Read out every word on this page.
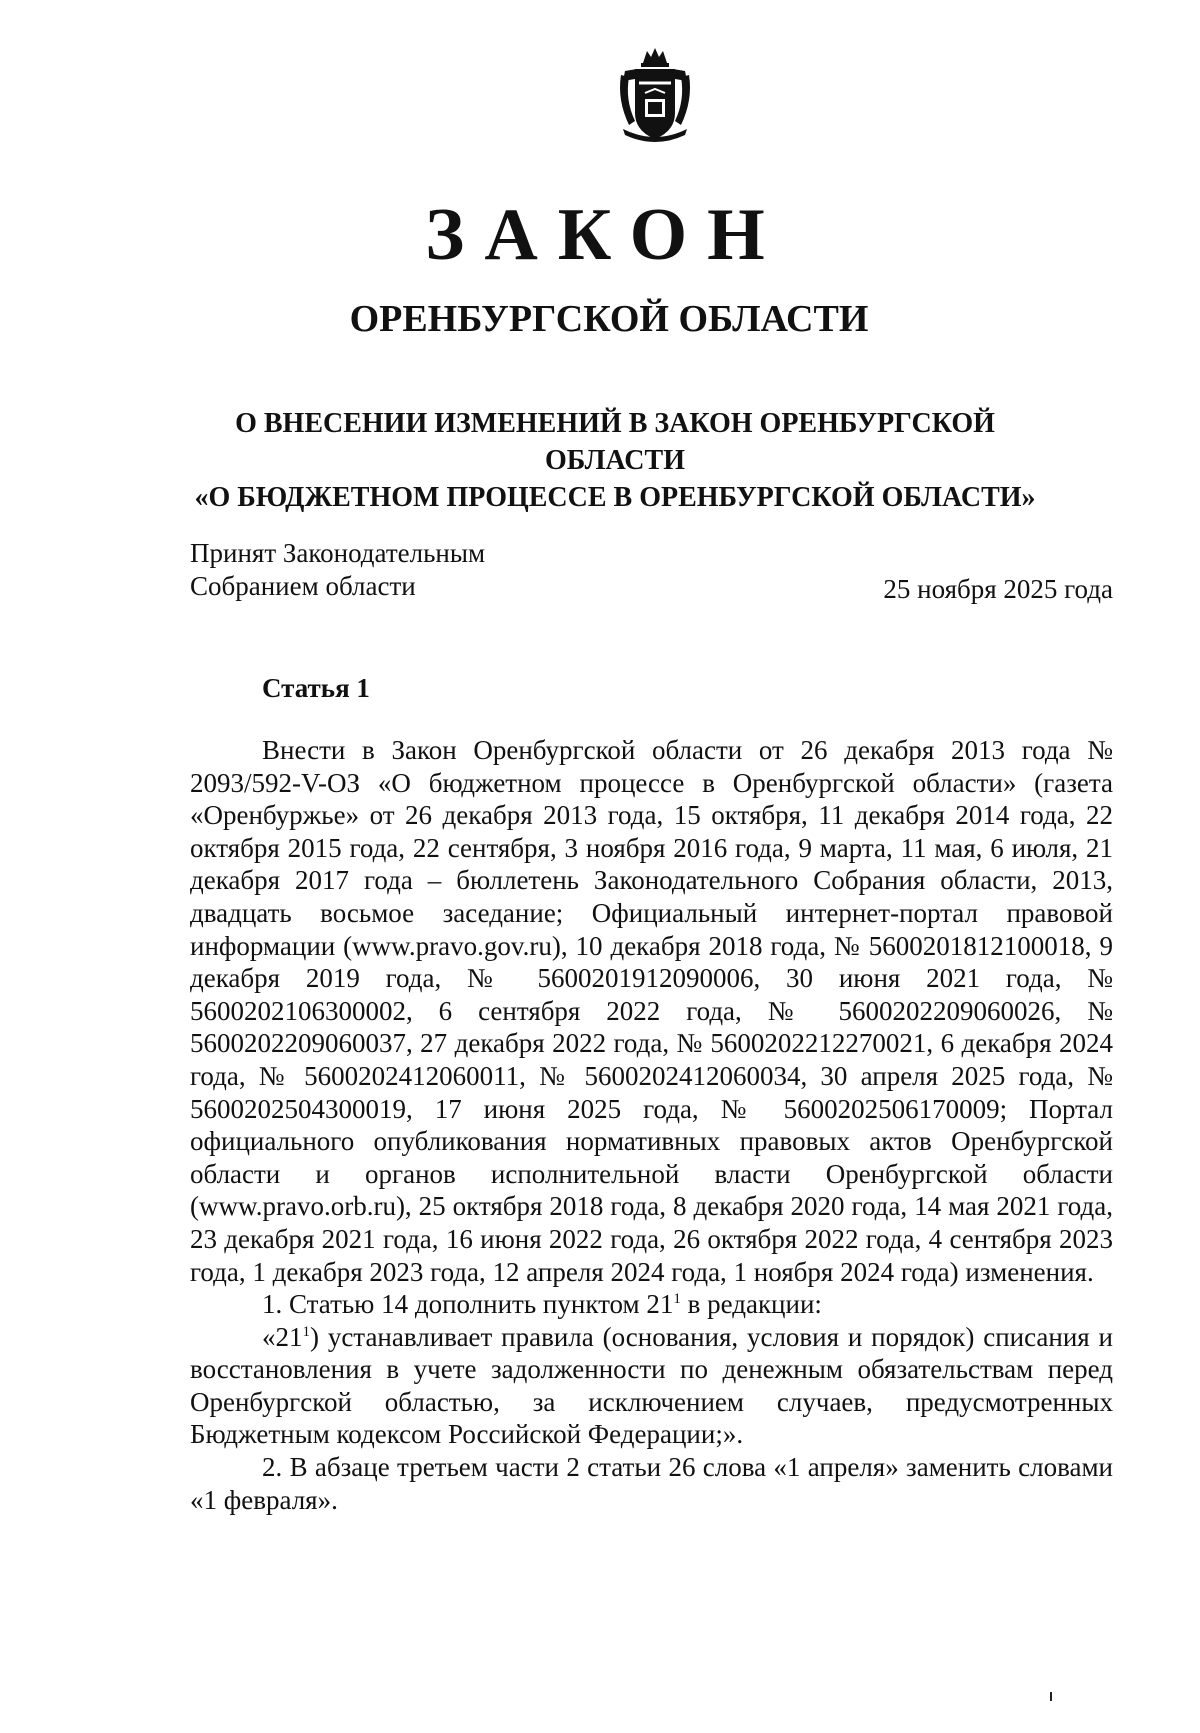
ЗАКОН
ОРЕНБУРГСКОЙ ОБЛАСТИ
О ВНЕСЕНИИ ИЗМЕНЕНИЙ В ЗАКОН ОРЕНБУРГСКОЙ ОБЛАСТИ
«О БЮДЖЕТНОМ ПРОЦЕССЕ В ОРЕНБУРГСКОЙ ОБЛАСТИ»
Принят Законодательным
Собранием области	25 ноября 2025 года
Статья 1

Внести в Закон Оренбургской области от 26 декабря 2013 года № 2093/592-V-ОЗ «О бюджетном процессе в Оренбургской области» (газета «Оренбуржье» от 26 декабря 2013 года, 15 октября, 11 декабря 2014 года, 22 октября 2015 года, 22 сентября, 3 ноября 2016 года, 9 марта, 11 мая, 6 июля, 21 декабря 2017 года – бюллетень Законодательного Собрания области, 2013, двадцать восьмое заседание; Официальный интернет-портал правовой информации (www.pravo.gov.ru), 10 декабря 2018 года, № 5600201812100018, 9 декабря 2019 года, № 5600201912090006, 30 июня 2021 года, № 5600202106300002, 6 сентября 2022 года, № 5600202209060026, № 5600202209060037, 27 декабря 2022 года, № 5600202212270021, 6 декабря 2024 года, № 5600202412060011, № 5600202412060034, 30 апреля 2025 года, № 5600202504300019, 17 июня 2025 года, № 5600202506170009; Портал официального опубликования нормативных правовых актов Оренбургской области и органов исполнительной власти Оренбургской области (www.pravo.orb.ru), 25 октября 2018 года, 8 декабря 2020 года, 14 мая 2021 года, 23 декабря 2021 года, 16 июня 2022 года, 26 октября 2022 года, 4 сентября 2023 года, 1 декабря 2023 года, 12 апреля 2024 года, 1 ноября 2024 года) изменения.

1. Статью 14 дополнить пунктом $21^1$ в редакции:

«$21^1$) устанавливает правила (основания, условия и порядок) списания и восстановления в учете задолженности по денежным обязательствам перед Оренбургской областью, за исключением случаев, предусмотренных Бюджетным кодексом Российской Федерации;».

2. В абзаце третьем части 2 статьи 26 слова «1 апреля» заменить словами «1 февраля».
